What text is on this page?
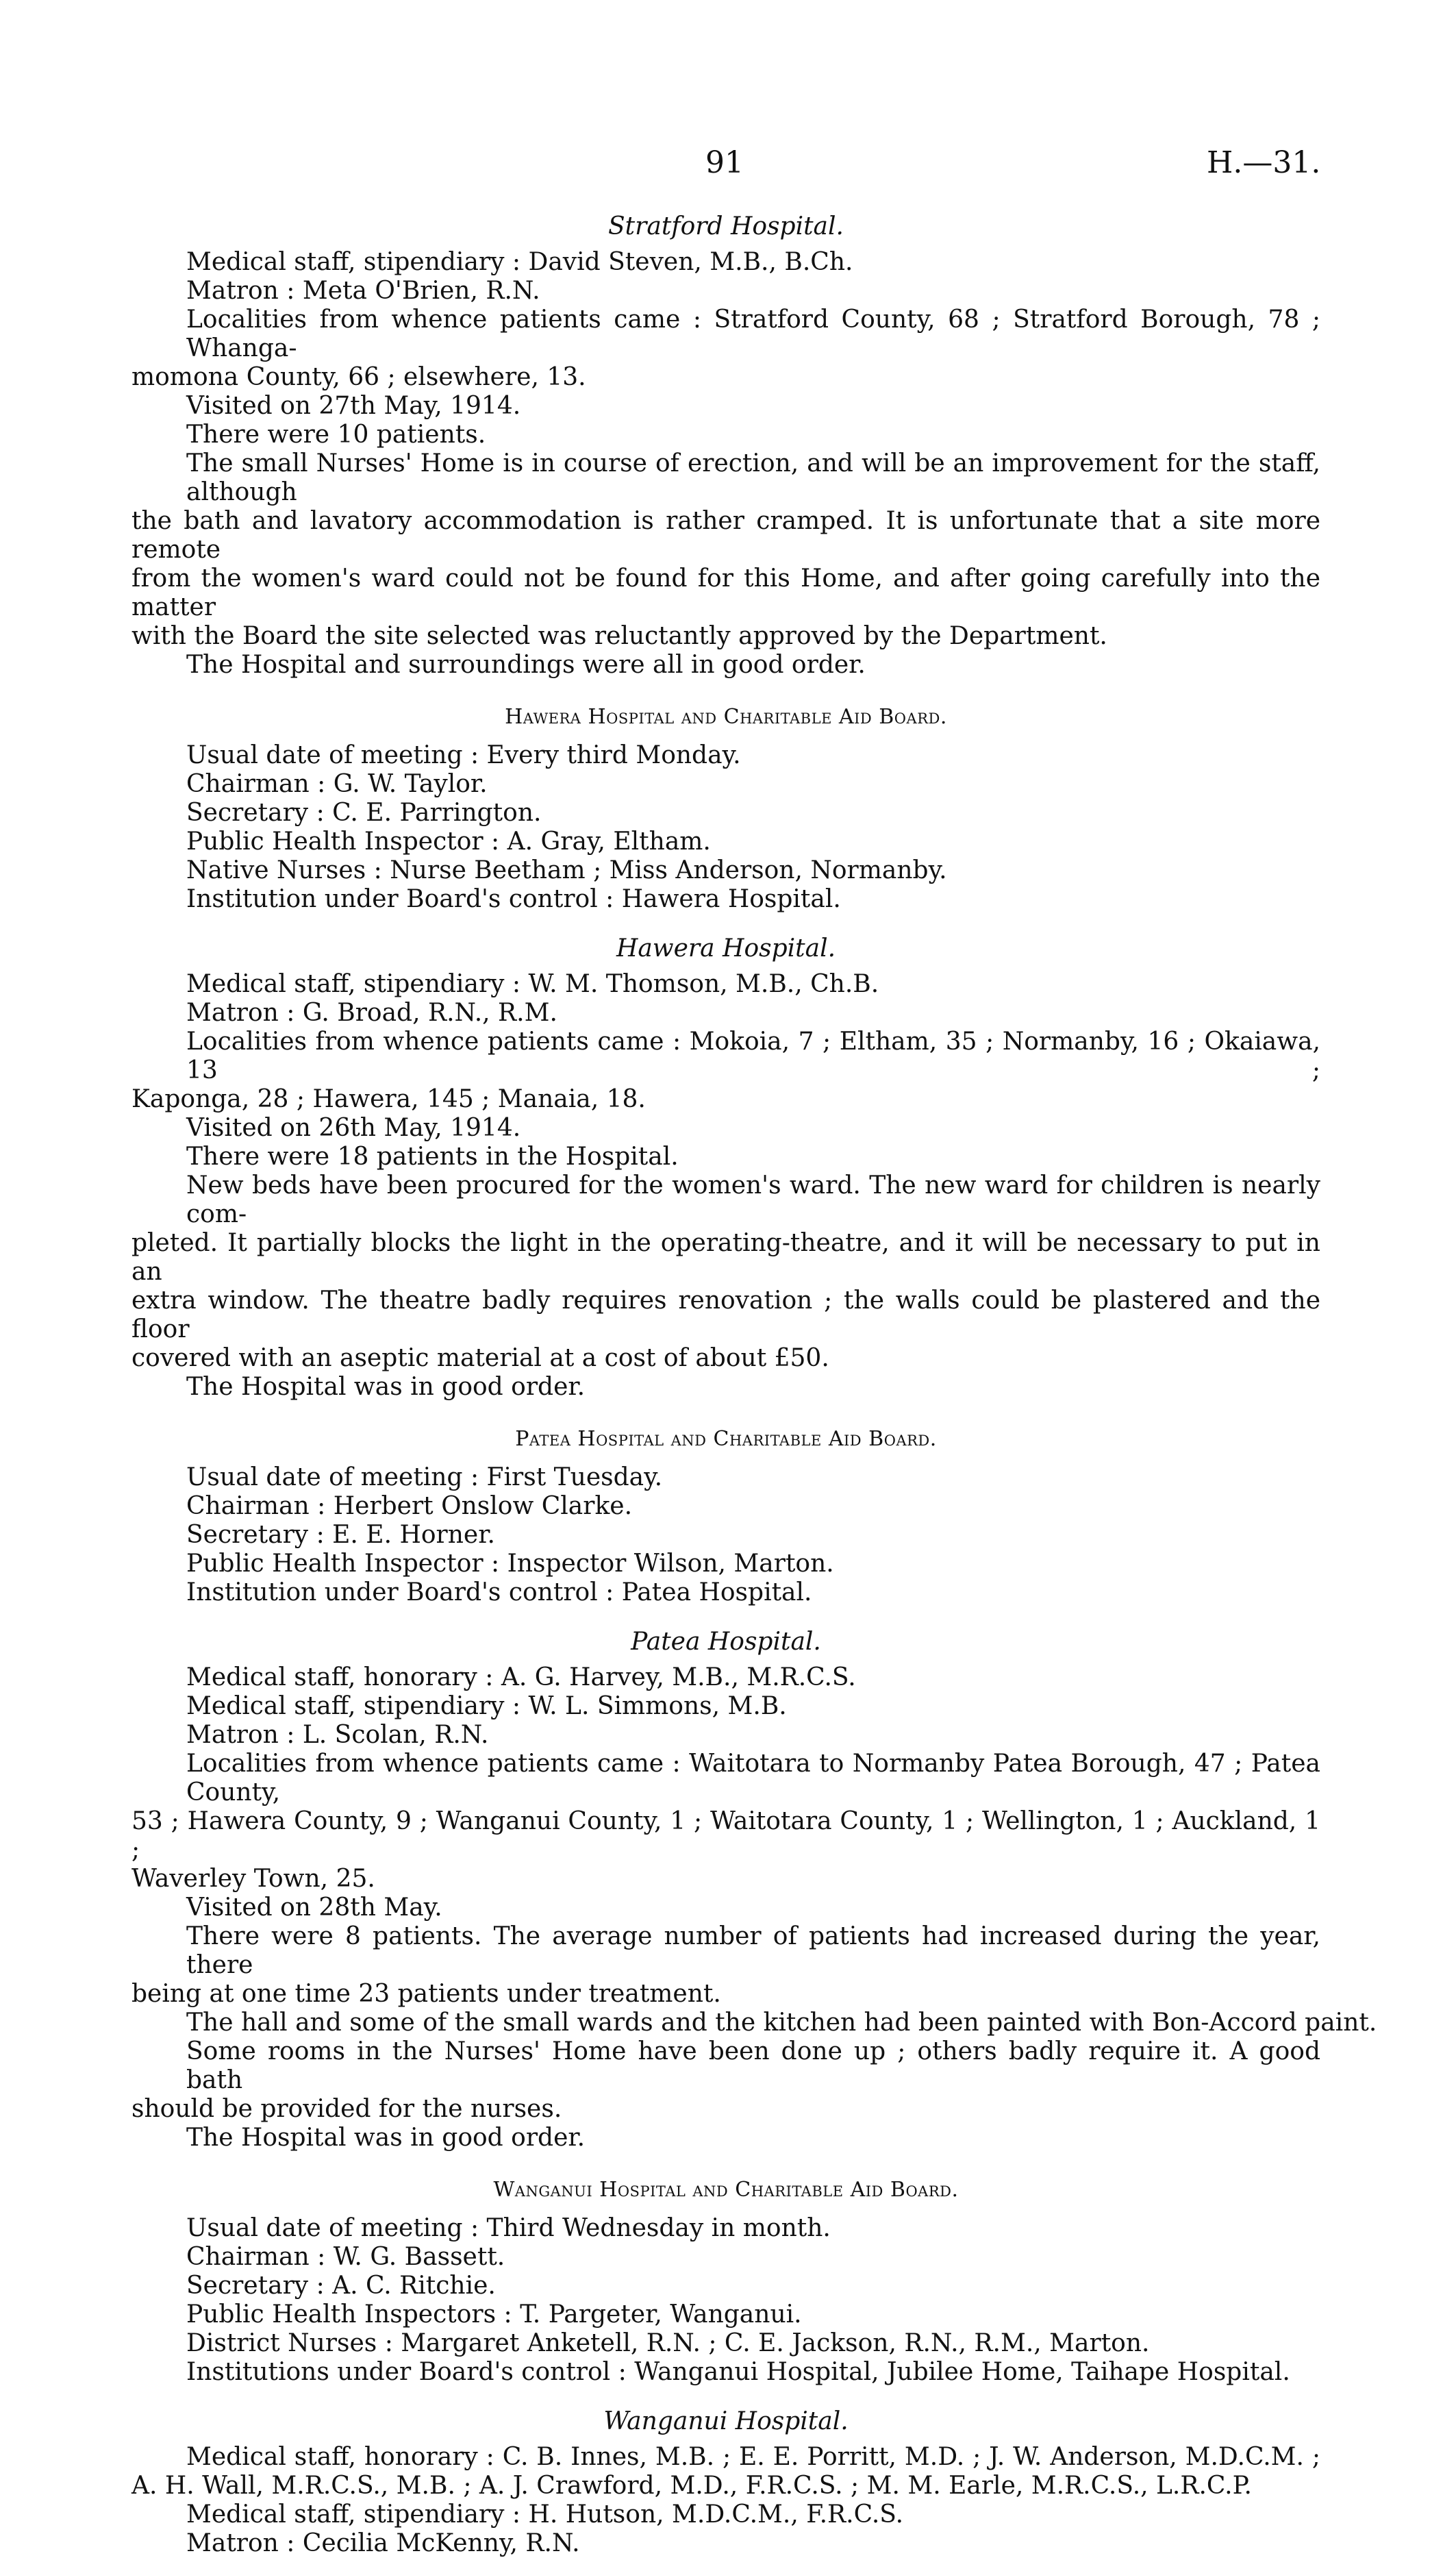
91	H.—31.
Stratford Hospital.
Medical staff, stipendiary : David Steven, M.B., B.Ch.
Matron : Meta O'Brien, R.N.
Localities from whence patients came : Stratford County, 68 ; Stratford Borough, 78 ; Whanga-
momona County, 66 ; elsewhere, 13.
Visited on 27th May, 1914.
There were 10 patients.
The small Nurses' Home is in course of erection, and will be an improvement for the staff, although
the bath and lavatory accommodation is rather cramped. It is unfortunate that a site more remote
from the women's ward could not be found for this Home, and after going carefully into the matter
with the Board the site selected was reluctantly approved by the Department.
The Hospital and surroundings were all in good order.
Hawera Hospital and Charitable Aid Board.
Usual date of meeting : Every third Monday.
Chairman : G. W. Taylor.
Secretary : C. E. Parrington.
Public Health Inspector : A. Gray, Eltham.
Native Nurses : Nurse Beetham ; Miss Anderson, Normanby.
Institution under Board's control : Hawera Hospital.
Hawera Hospital.
Medical staff, stipendiary : W. M. Thomson, M.B., Ch.B.
Matron : G. Broad, R.N., R.M.
Localities from whence patients came : Mokoia, 7 ; Eltham, 35 ; Normanby, 16 ; Okaiawa, 13 ;
Kaponga, 28 ; Hawera, 145 ; Manaia, 18.
Visited on 26th May, 1914.
There were 18 patients in the Hospital.
New beds have been procured for the women's ward. The new ward for children is nearly com-
pleted. It partially blocks the light in the operating-theatre, and it will be necessary to put in an
extra window. The theatre badly requires renovation ; the walls could be plastered and the floor
covered with an aseptic material at a cost of about £50.
The Hospital was in good order.
Patea Hospital and Charitable Aid Board.
Usual date of meeting : First Tuesday.
Chairman : Herbert Onslow Clarke.
Secretary : E. E. Horner.
Public Health Inspector : Inspector Wilson, Marton.
Institution under Board's control : Patea Hospital.
Patea Hospital.
Medical staff, honorary : A. G. Harvey, M.B., M.R.C.S.
Medical staff, stipendiary : W. L. Simmons, M.B.
Matron : L. Scolan, R.N.
Localities from whence patients came : Waitotara to Normanby Patea Borough, 47 ; Patea County,
53 ; Hawera County, 9 ; Wanganui County, 1 ; Waitotara County, 1 ; Wellington, 1 ; Auckland, 1 ;
Waverley Town, 25.
Visited on 28th May.
There were 8 patients. The average number of patients had increased during the year, there
being at one time 23 patients under treatment.
The hall and some of the small wards and the kitchen had been painted with Bon-Accord paint.
Some rooms in the Nurses' Home have been done up ; others badly require it. A good bath
should be provided for the nurses.
The Hospital was in good order.
Wanganui Hospital and Charitable Aid Board.
Usual date of meeting : Third Wednesday in month.
Chairman : W. G. Bassett.
Secretary : A. C. Ritchie.
Public Health Inspectors : T. Pargeter, Wanganui.
District Nurses : Margaret Anketell, R.N. ; C. E. Jackson, R.N., R.M., Marton.
Institutions under Board's control : Wanganui Hospital, Jubilee Home, Taihape Hospital.
Wanganui Hospital.
Medical staff, honorary : C. B. Innes, M.B. ; E. E. Porritt, M.D. ; J. W. Anderson, M.D.C.M. ;
A. H. Wall, M.R.C.S., M.B. ; A. J. Crawford, M.D., F.R.C.S. ; M. M. Earle, M.R.C.S., L.R.C.P.
Medical staff, stipendiary : H. Hutson, M.D.C.M., F.R.C.S.
Matron : Cecilia McKenny, R.N.
